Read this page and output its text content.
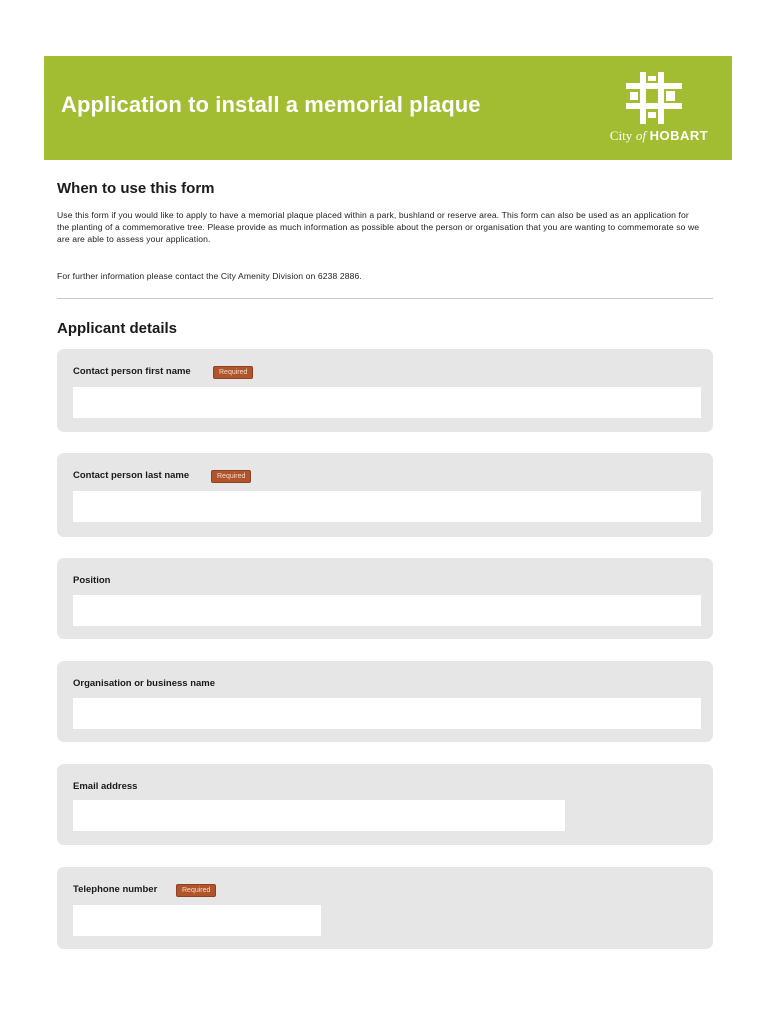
Application to install a memorial plaque
City of HOBART
When to use this form
Use this form if you would like to apply to have a memorial plaque placed within a park, bushland or reserve area. This form can also be used as an application for the planting of a commemorative tree. Please provide as much information as possible about the person or organisation that you are wanting to commemorate so we are are able to assess your application.
For further information please contact the City Amenity Division on 6238 2886.
Applicant details
Contact person first name	Required
Contact person last name	Required
Position
Organisation or business name
Email address
Telephone number	Required
